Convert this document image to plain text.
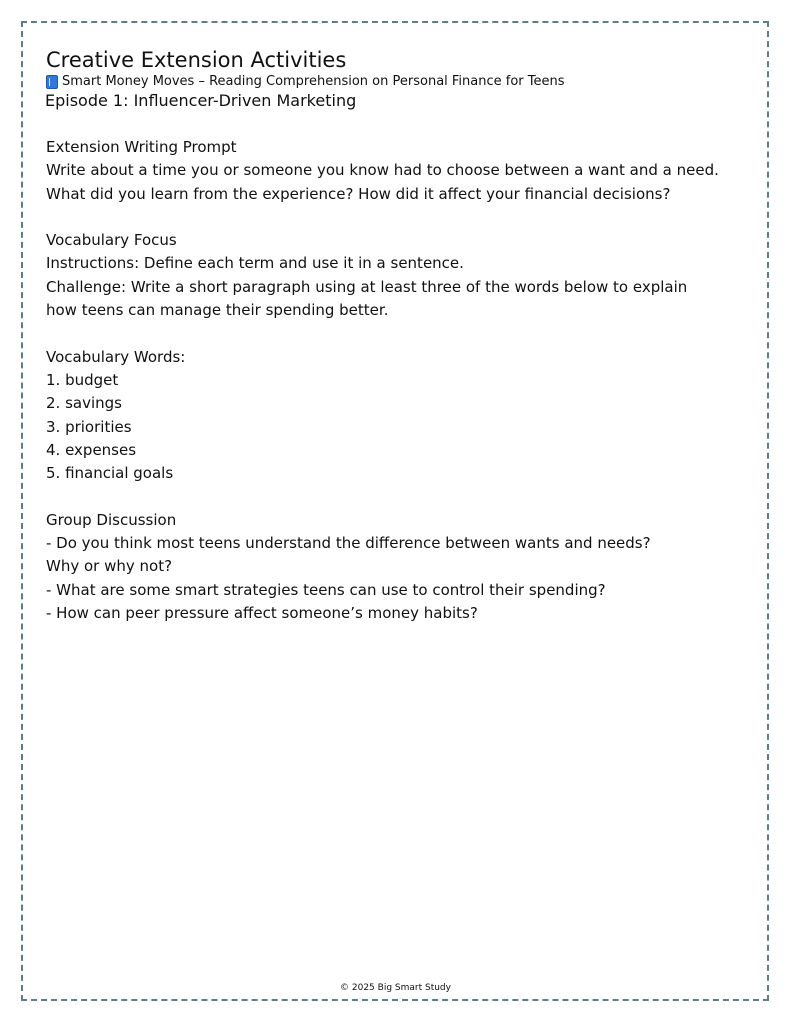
Creative Extension Activities
Smart Money Moves – Reading Comprehension on Personal Finance for Teens
Episode 1: Influencer-Driven Marketing
Extension Writing Prompt
Write about a time you or someone you know had to choose between a want and a need.
What did you learn from the experience? How did it affect your financial decisions?
Vocabulary Focus
Instructions: Define each term and use it in a sentence.
Challenge: Write a short paragraph using at least three of the words below to explain
how teens can manage their spending better.
Vocabulary Words:
1. budget
2. savings
3. priorities
4. expenses
5. financial goals
Group Discussion
- Do you think most teens understand the difference between wants and needs?
Why or why not?
- What are some smart strategies teens can use to control their spending?
- How can peer pressure affect someone’s money habits?
© 2025 Big Smart Study
